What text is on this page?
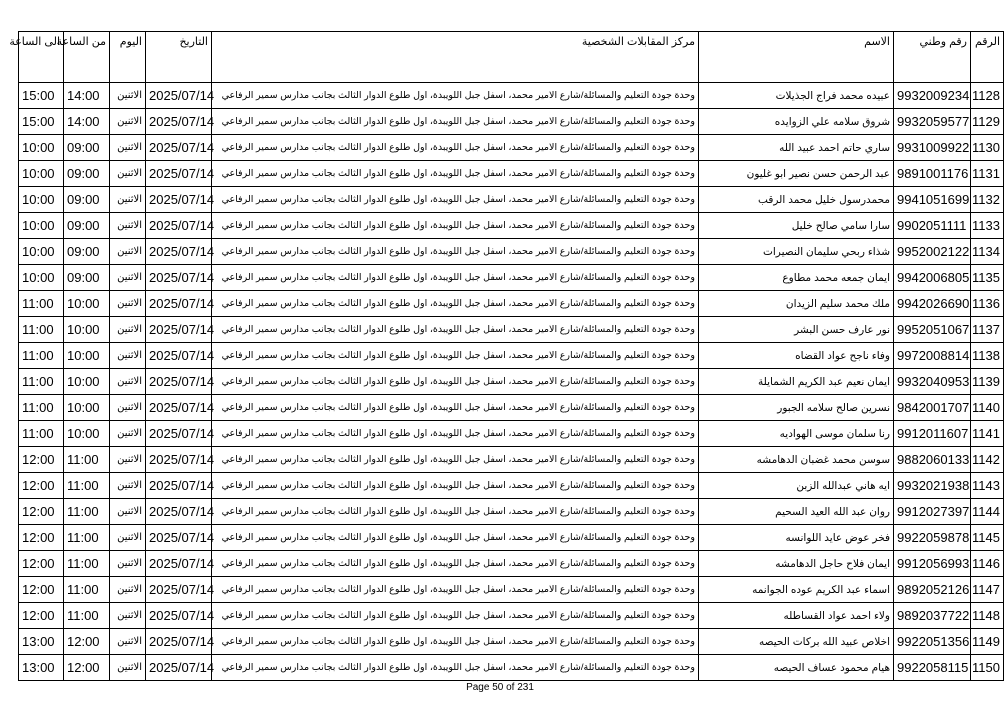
الرقم	رقم وطني	الاسم	مركز المقابلات الشخصية	التاريخ	اليوم	من الساعة	الى الساعة
1128	9932009234	عبيده محمد فراج الجذيلات	وحدة جودة التعليم والمسائلة/شارع الامير محمد، اسفل جبل اللويبدة، اول طلوع الدوار الثالث بجانب مدارس سمير الرفاعي	2025/07/14	الاثنين	14:00	15:00
1129	9932059577	شروق سلامه علي الزوايده	وحدة جودة التعليم والمسائلة/شارع الامير محمد، اسفل جبل اللويبدة، اول طلوع الدوار الثالث بجانب مدارس سمير الرفاعي	2025/07/14	الاثنين	14:00	15:00
1130	9931009922	ساري حاتم احمد عبيد الله	وحدة جودة التعليم والمسائلة/شارع الامير محمد، اسفل جبل اللويبدة، اول طلوع الدوار الثالث بجانب مدارس سمير الرفاعي	2025/07/14	الاثنين	09:00	10:00
1131	9891001176	عبد الرحمن حسن نصير ابو غليون	وحدة جودة التعليم والمسائلة/شارع الامير محمد، اسفل جبل اللويبدة، اول طلوع الدوار الثالث بجانب مدارس سمير الرفاعي	2025/07/14	الاثنين	09:00	10:00
1132	9941051699	محمدرسول خليل محمد الرقب	وحدة جودة التعليم والمسائلة/شارع الامير محمد، اسفل جبل اللويبدة، اول طلوع الدوار الثالث بجانب مدارس سمير الرفاعي	2025/07/14	الاثنين	09:00	10:00
1133	9902051111	سارا سامي صالح خليل	وحدة جودة التعليم والمسائلة/شارع الامير محمد، اسفل جبل اللويبدة، اول طلوع الدوار الثالث بجانب مدارس سمير الرفاعي	2025/07/14	الاثنين	09:00	10:00
1134	9952002122	شذاء ربحي سليمان النصيرات	وحدة جودة التعليم والمسائلة/شارع الامير محمد، اسفل جبل اللويبدة، اول طلوع الدوار الثالث بجانب مدارس سمير الرفاعي	2025/07/14	الاثنين	09:00	10:00
1135	9942006805	ايمان جمعه محمد مطاوع	وحدة جودة التعليم والمسائلة/شارع الامير محمد، اسفل جبل اللويبدة، اول طلوع الدوار الثالث بجانب مدارس سمير الرفاعي	2025/07/14	الاثنين	09:00	10:00
1136	9942026690	ملك محمد سليم الزيدان	وحدة جودة التعليم والمسائلة/شارع الامير محمد، اسفل جبل اللويبدة، اول طلوع الدوار الثالث بجانب مدارس سمير الرفاعي	2025/07/14	الاثنين	10:00	11:00
1137	9952051067	نور عارف حسن البشر	وحدة جودة التعليم والمسائلة/شارع الامير محمد، اسفل جبل اللويبدة، اول طلوع الدوار الثالث بجانب مدارس سمير الرفاعي	2025/07/14	الاثنين	10:00	11:00
1138	9972008814	وفاء ناجح عواد القضاه	وحدة جودة التعليم والمسائلة/شارع الامير محمد، اسفل جبل اللويبدة، اول طلوع الدوار الثالث بجانب مدارس سمير الرفاعي	2025/07/14	الاثنين	10:00	11:00
1139	9932040953	ايمان نعيم عبد الكريم الشمايلة	وحدة جودة التعليم والمسائلة/شارع الامير محمد، اسفل جبل اللويبدة، اول طلوع الدوار الثالث بجانب مدارس سمير الرفاعي	2025/07/14	الاثنين	10:00	11:00
1140	9842001707	نسرين صالح سلامه الجبور	وحدة جودة التعليم والمسائلة/شارع الامير محمد، اسفل جبل اللويبدة، اول طلوع الدوار الثالث بجانب مدارس سمير الرفاعي	2025/07/14	الاثنين	10:00	11:00
1141	9912011607	رنا سلمان موسى الهواديه	وحدة جودة التعليم والمسائلة/شارع الامير محمد، اسفل جبل اللويبدة، اول طلوع الدوار الثالث بجانب مدارس سمير الرفاعي	2025/07/14	الاثنين	10:00	11:00
1142	9882060133	سوسن محمد غضبان الدهامشه	وحدة جودة التعليم والمسائلة/شارع الامير محمد، اسفل جبل اللويبدة، اول طلوع الدوار الثالث بجانب مدارس سمير الرفاعي	2025/07/14	الاثنين	11:00	12:00
1143	9932021938	ايه هاني عبدالله الزبن	وحدة جودة التعليم والمسائلة/شارع الامير محمد، اسفل جبل اللويبدة، اول طلوع الدوار الثالث بجانب مدارس سمير الرفاعي	2025/07/14	الاثنين	11:00	12:00
1144	9912027397	روان عبد الله العيد السحيم	وحدة جودة التعليم والمسائلة/شارع الامير محمد، اسفل جبل اللويبدة، اول طلوع الدوار الثالث بجانب مدارس سمير الرفاعي	2025/07/14	الاثنين	11:00	12:00
1145	9922059878	فخر عوض عايد اللوانسه	وحدة جودة التعليم والمسائلة/شارع الامير محمد، اسفل جبل اللويبدة، اول طلوع الدوار الثالث بجانب مدارس سمير الرفاعي	2025/07/14	الاثنين	11:00	12:00
1146	9912056993	ايمان فلاح حاجل الدهامشه	وحدة جودة التعليم والمسائلة/شارع الامير محمد، اسفل جبل اللويبدة، اول طلوع الدوار الثالث بجانب مدارس سمير الرفاعي	2025/07/14	الاثنين	11:00	12:00
1147	9892052126	اسماء عبد الكريم عوده الجوانمه	وحدة جودة التعليم والمسائلة/شارع الامير محمد، اسفل جبل اللويبدة، اول طلوع الدوار الثالث بجانب مدارس سمير الرفاعي	2025/07/14	الاثنين	11:00	12:00
1148	9892037722	ولاء احمد عواد القساطله	وحدة جودة التعليم والمسائلة/شارع الامير محمد، اسفل جبل اللويبدة، اول طلوع الدوار الثالث بجانب مدارس سمير الرفاعي	2025/07/14	الاثنين	11:00	12:00
1149	9922051356	اخلاص عبيد الله بركات الحيصه	وحدة جودة التعليم والمسائلة/شارع الامير محمد، اسفل جبل اللويبدة، اول طلوع الدوار الثالث بجانب مدارس سمير الرفاعي	2025/07/14	الاثنين	12:00	13:00
1150	9922058115	هيام محمود عساف الحيصه	وحدة جودة التعليم والمسائلة/شارع الامير محمد، اسفل جبل اللويبدة، اول طلوع الدوار الثالث بجانب مدارس سمير الرفاعي	2025/07/14	الاثنين	12:00	13:00
Page 50 of 231
